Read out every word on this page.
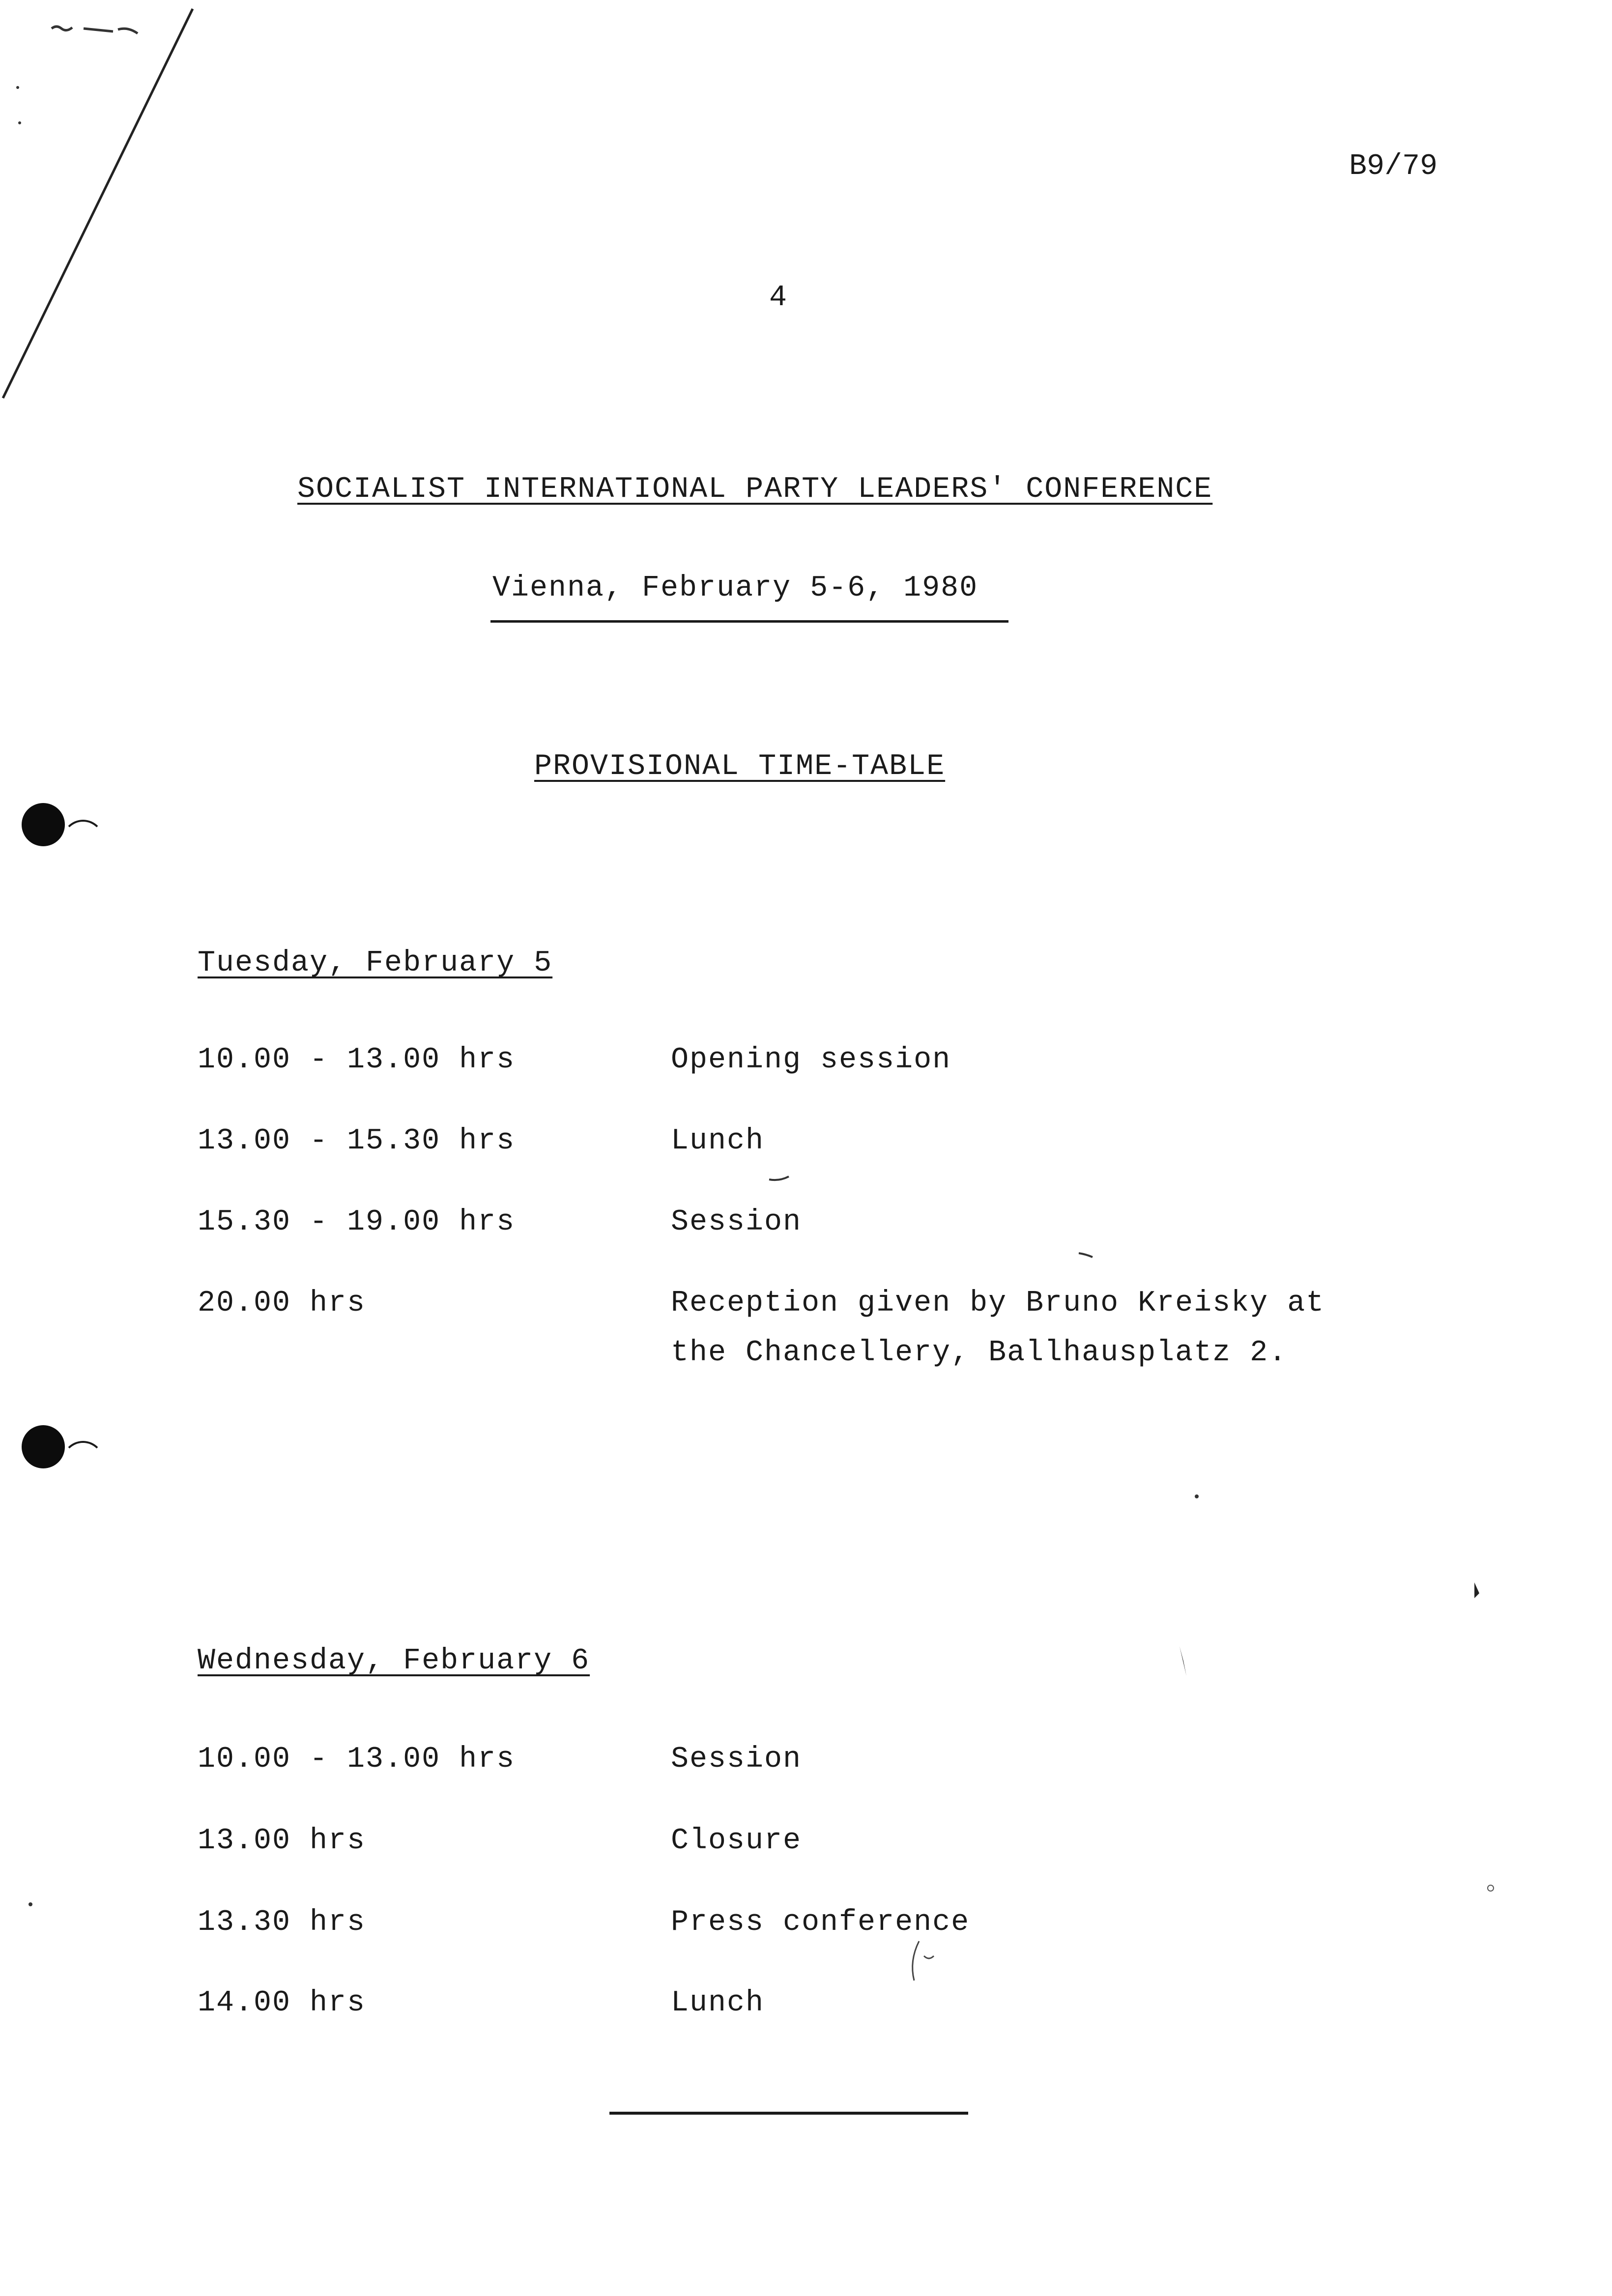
B9/79
4
SOCIALIST INTERNATIONAL PARTY LEADERS' CONFERENCE
Vienna, February 5-6, 1980
PROVISIONAL TIME-TABLE
Tuesday, February 5
10.00 - 13.00 hrs	Opening session
13.00 - 15.30 hrs	Lunch
15.30 - 19.00 hrs	Session
20.00 hrs	Reception given by Bruno Kreisky at
the Chancellery, Ballhausplatz 2.
Wednesday, February 6
10.00 - 13.00 hrs	Session
13.00 hrs	Closure
13.30 hrs	Press conference
14.00 hrs	Lunch
